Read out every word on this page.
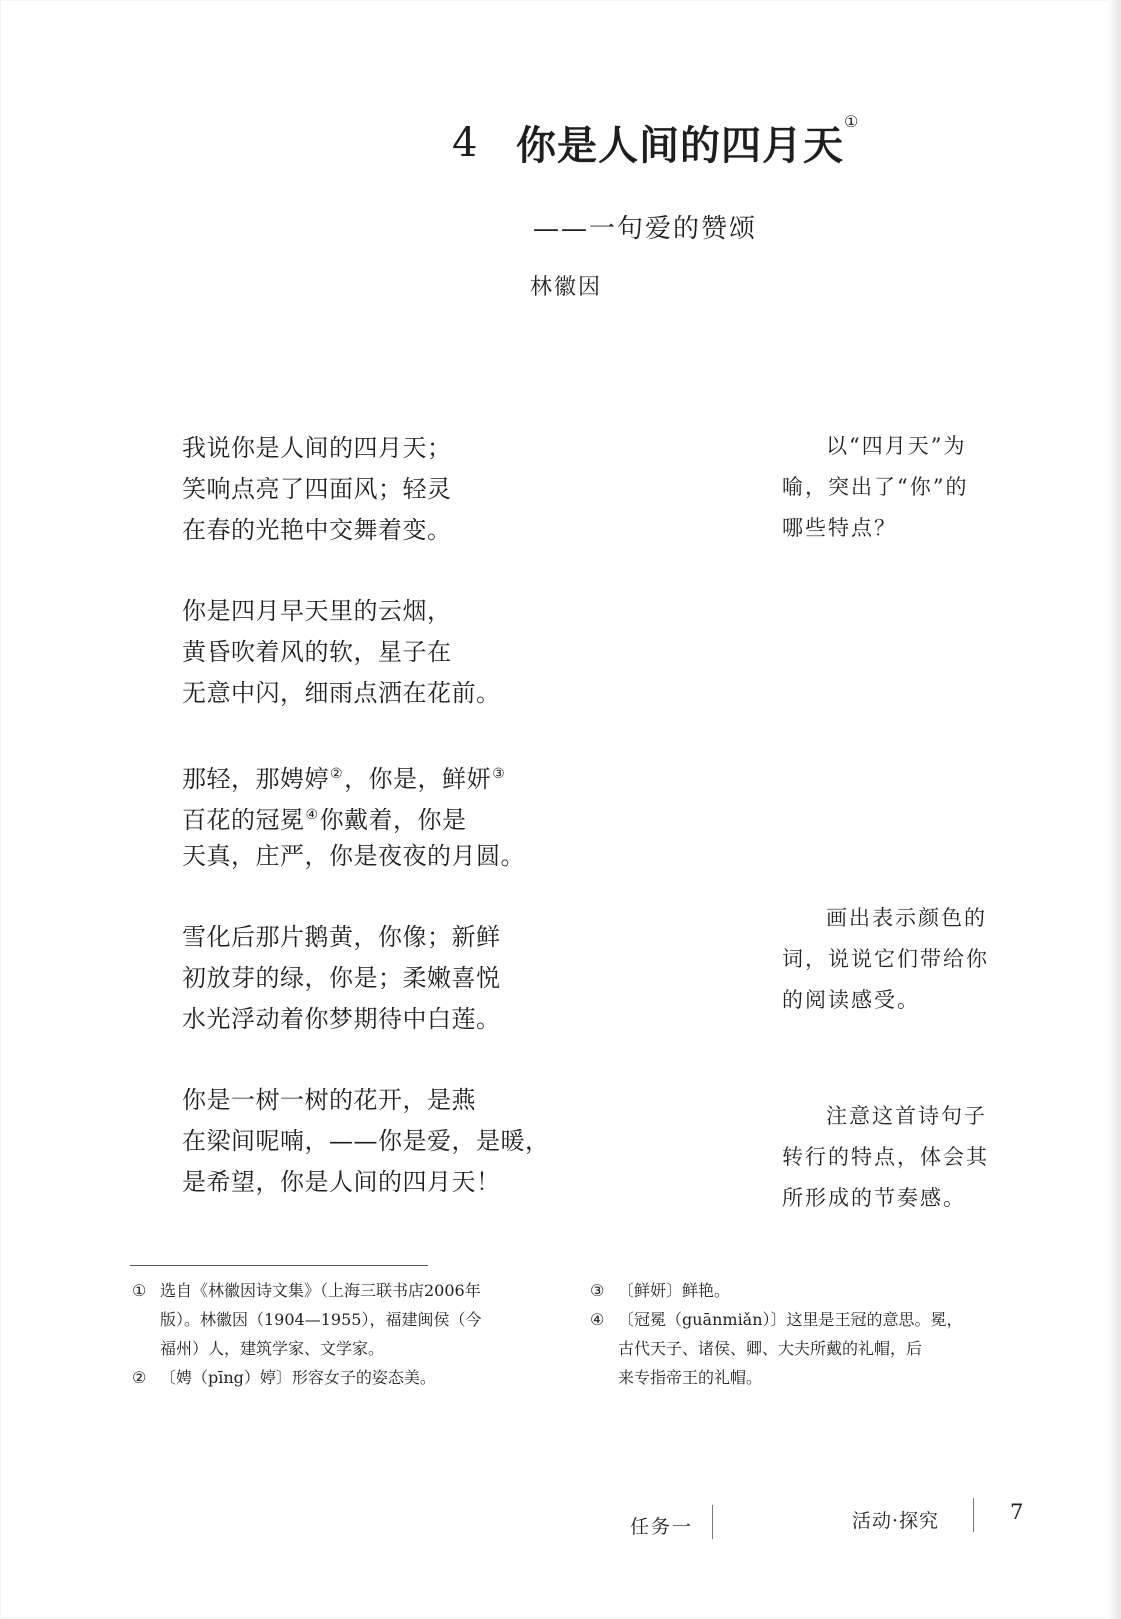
4 你是人间的四月天①
——一句爱的赞颂
林徽因
我说你是人间的四月天；
笑响点亮了四面风；轻灵
在春的光艳中交舞着变。
你是四月早天里的云烟，
黄昏吹着风的软，星子在
无意中闪，细雨点洒在花前。
那轻，那娉婷②，你是，鲜妍③
百花的冠冕④你戴着，你是
天真，庄严，你是夜夜的月圆。
雪化后那片鹅黄，你像；新鲜
初放芽的绿，你是；柔嫩喜悦
水光浮动着你梦期待中白莲。
你是一树一树的花开，是燕
在梁间呢喃，——你是爱，是暖，
是希望，你是人间的四月天！
以“四月天”为
喻，突出了“你”的
哪些特点？
画出表示颜色的
词，说说它们带给你
的阅读感受。
注意这首诗句子
转行的特点，体会其
所形成的节奏感。
① 选自《林徽因诗文集》（上海三联书店2006年
版）。林徽因（1904—1955），福建闽侯（今
福州）人，建筑学家、文学家。
② 〔娉（pīng）婷〕形容女子的姿态美。
③ 〔鲜妍〕鲜艳。
④ 〔冠冕（guānmiǎn）〕这里是王冠的意思。冕，
古代天子、诸侯、卿、大夫所戴的礼帽，后
来专指帝王的礼帽。
任务一	活动·探究	7
